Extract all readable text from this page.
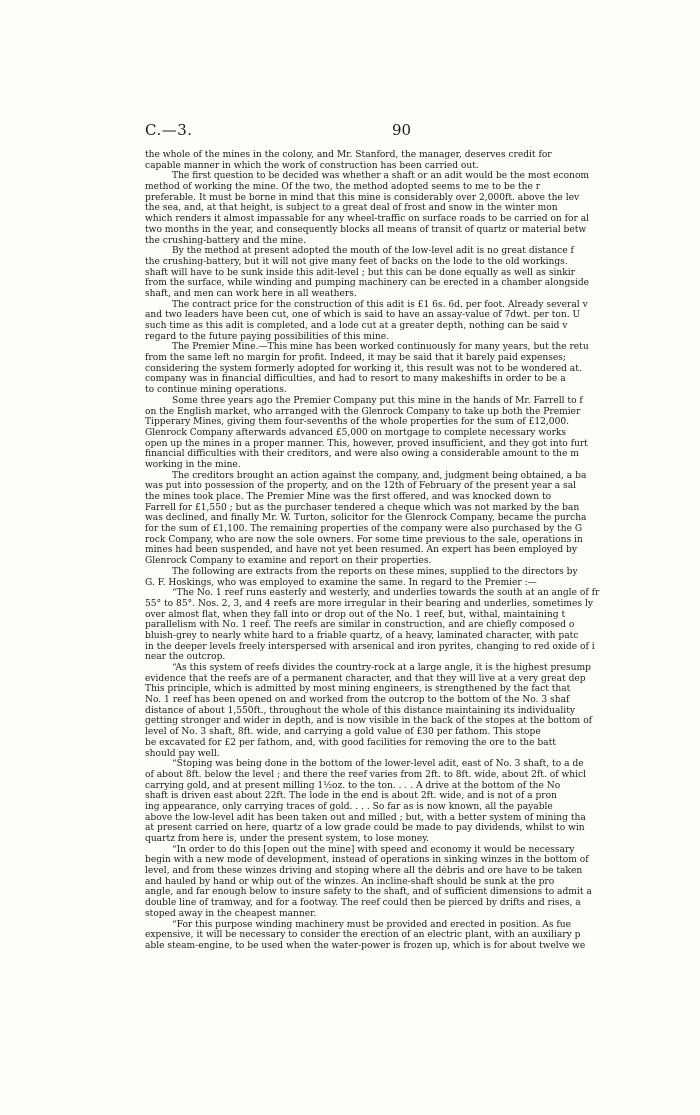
C.—3.	90
the whole of the mines in the colony, and Mr. Stanford, the manager, deserves credit for
capable manner in which the work of construction has been carried out.
The first question to be decided was whether a shaft or an adit would be the most econom
method of working the mine. Of the two, the method adopted seems to me to be the r
preferable. It must be borne in mind that this mine is considerably over 2,000ft. above the lev
the sea, and, at that height, is subject to a great deal of frost and snow in the winter mon
which renders it almost impassable for any wheel-traffic on surface roads to be carried on for al
two months in the year, and consequently blocks all means of transit of quartz or material betw
the crushing-battery and the mine.
By the method at present adopted the mouth of the low-level adit is no great distance f
the crushing-battery, but it will not give many feet of backs on the lode to the old workings.
shaft will have to be sunk inside this adit-level ; but this can be done equally as well as sinkir
from the surface, while winding and pumping machinery can be erected in a chamber alongside
shaft, and men can work here in all weathers.
The contract price for the construction of this adit is £1 6s. 6d. per foot. Already several v
and two leaders have been cut, one of which is said to have an assay-value of 7dwt. per ton. U
such time as this adit is completed, and a lode cut at a greater depth, nothing can be said v
regard to the future paying possibilities of this mine.
The Premier Mine.—This mine has been worked continuously for many years, but the retu
from the same left no margin for profit. Indeed, it may be said that it barely paid expenses;
considering the system formerly adopted for working it, this result was not to be wondered at.
company was in financial difficulties, and had to resort to many makeshifts in order to be a
to continue mining operations.
Some three years ago the Premier Company put this mine in the hands of Mr. Farrell to f
on the English market, who arranged with the Glenrock Company to take up both the Premier
Tipperary Mines, giving them four-sevenths of the whole properties for the sum of £12,000.
Glenrock Company afterwards advanced £5,000 on mortgage to complete necessary works
open up the mines in a proper manner. This, however, proved insufficient, and they got into furt
financial difficulties with their creditors, and were also owing a considerable amount to the m
working in the mine.
The creditors brought an action against the company, and, judgment being obtained, a ba
was put into possession of the property, and on the 12th of February of the present year a sal
the mines took place. The Premier Mine was the first offered, and was knocked down to
Farrell for £1,550 ; but as the purchaser tendered a cheque which was not marked by the ban
was declined, and finally Mr. W. Turton, solicitor for the Glenrock Company, became the purcha
for the sum of £1,100. The remaining properties of the company were also purchased by the G
rock Company, who are now the sole owners. For some time previous to the sale, operations in
mines had been suspended, and have not yet been resumed. An expert has been employed by
Glenrock Company to examine and report on their properties.
The following are extracts from the reports on these mines, supplied to the directors by
G. F. Hoskings, who was employed to examine the same. In regard to the Premier :—
“The No. 1 reef runs easterly and westerly, and underlies towards the south at an angle of fr
55° to 85°. Nos. 2, 3, and 4 reefs are more irregular in their bearing and underlies, sometimes ly
over almost flat, when they fall into or drop out of the No. 1 reef, but, withal, maintaining t
parallelism with No. 1 reef. The reefs are similar in construction, and are chiefly composed o
bluish-grey to nearly white hard to a friable quartz, of a heavy, laminated character, with patc
in the deeper levels freely interspersed with arsenical and iron pyrites, changing to red oxide of i
near the outcrop.
“As this system of reefs divides the country-rock at a large angle, it is the highest presump
evidence that the reefs are of a permanent character, and that they will live at a very great dep
This principle, which is admitted by most mining engineers, is strengthened by the fact that
No. 1 reef has been opened on and worked from the outcrop to the bottom of the No. 3 shaf
distance of about 1,550ft., throughout the whole of this distance maintaining its individuality
getting stronger and wider in depth, and is now visible in the back of the stopes at the bottom of
level of No. 3 shaft, 8ft. wide, and carrying a gold value of £30 per fathom. This stope
be excavated for £2 per fathom, and, with good facilities for removing the ore to the batt
should pay well.
“Stoping was being done in the bottom of the lower-level adit, east of No. 3 shaft, to a de
of about 8ft. below the level ; and there the reef varies from 2ft. to 8ft. wide, about 2ft. of whicl
carrying gold, and at present milling 1½oz. to the ton. . . . A drive at the bottom of the No
shaft is driven east about 22ft. The lode in the end is about 2ft. wide, and is not of a pron
ing appearance, only carrying traces of gold. . . . So far as is now known, all the payable
above the low-level adit has been taken out and milled ; but, with a better system of mining tha
at present carried on here, quartz of a low grade could be made to pay dividends, whilst to win
quartz from here is, under the present system, to lose money.
“In order to do this [open out the mine] with speed and economy it would be necessary
begin with a new mode of development, instead of operations in sinking winzes in the bottom of
level, and from these winzes driving and stoping where all the débris and ore have to be taken
and hauled by hand or whip out of the winzes. An incline-shaft should be sunk at the pro
angle, and far enough below to insure safety to the shaft, and of sufficient dimensions to admit a
double line of tramway, and for a footway. The reef could then be pierced by drifts and rises, a
stoped away in the cheapest manner.
“For this purpose winding machinery must be provided and erected in position. As fue
expensive, it will be necessary to consider the erection of an electric plant, with an auxiliary p
able steam-engine, to be used when the water-power is frozen up, which is for about twelve we
